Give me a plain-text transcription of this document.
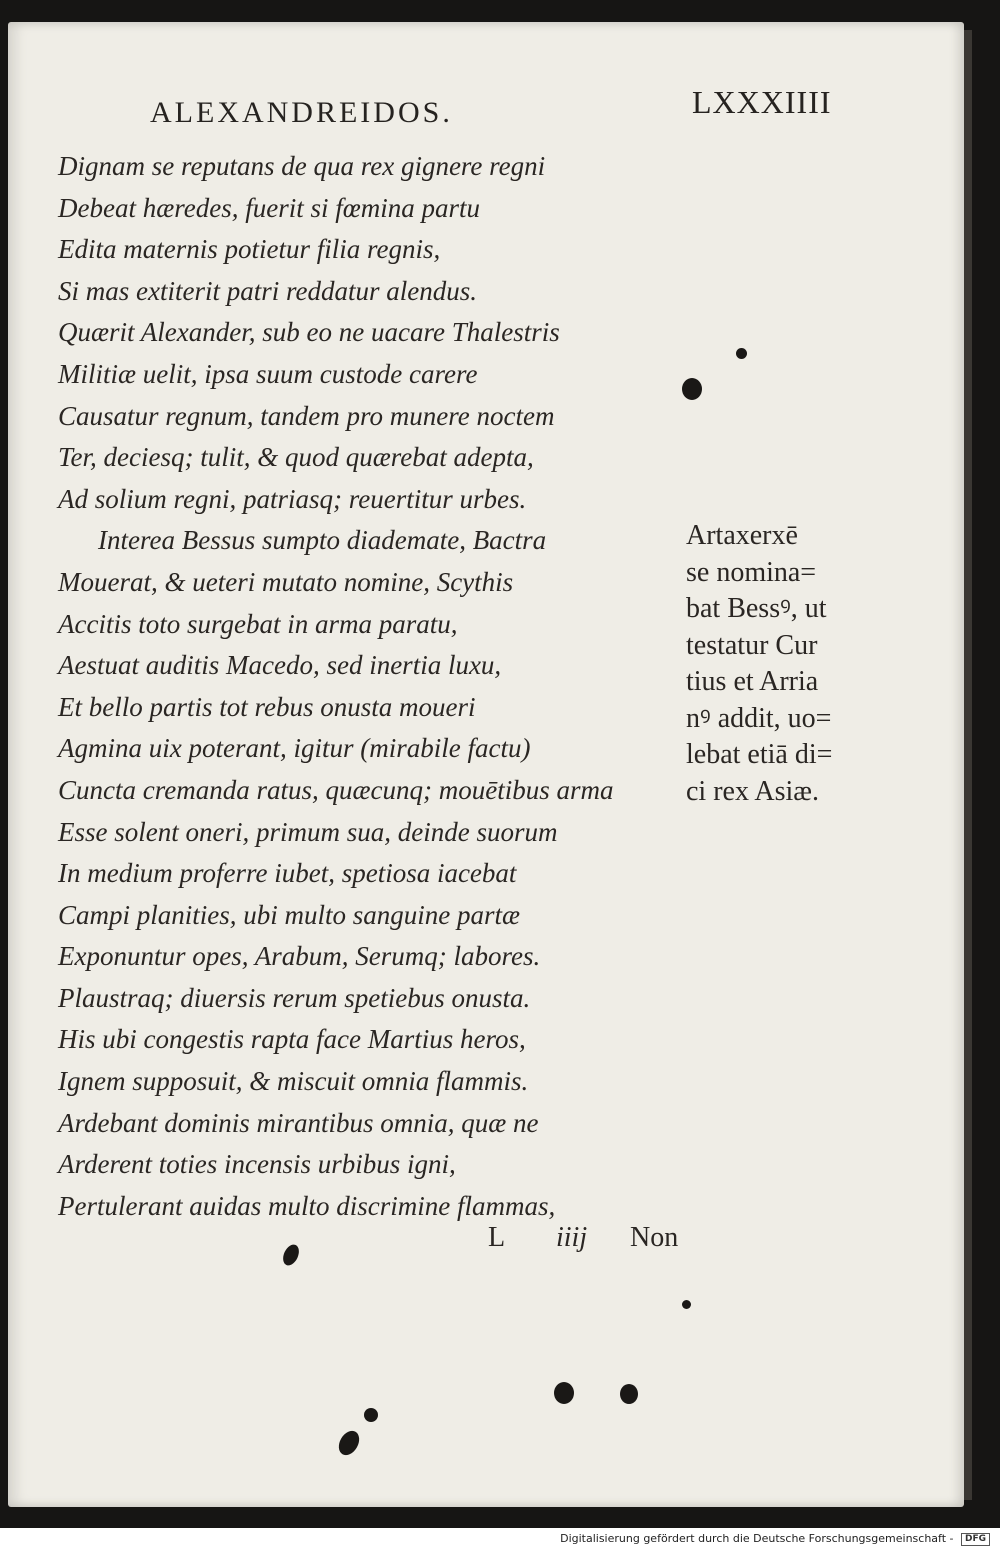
ALEXANDREIDOS.	LXXXIIII
Dignam se reputans de qua rex gignere regni
Debeat hæredes, fuerit si fœmina partu
Edita maternis potietur filia regnis,
Si mas extiterit patri reddatur alendus.
Quærit Alexander, sub eo ne uacare Thalestris
Militiæ uelit, ipsa suum custode carere
Causatur regnum, tandem pro munere noctem
Ter, deciesq; tulit, & quod quærebat adepta,
Ad solium regni, patriasq; reuertitur urbes.
Interea Bessus sumpto diademate, Bactra
Mouerat, & ueteri mutato nomine, Scythis
Accitis toto surgebat in arma paratu,
Aestuat auditis Macedo, sed inertia luxu,
Et bello partis tot rebus onusta moueri
Agmina uix poterant, igitur (mirabile factu)
Cuncta cremanda ratus, quæcunq; mouētibus arma
Esse solent oneri, primum sua, deinde suorum
In medium proferre iubet, spetiosa iacebat
Campi planities, ubi multo sanguine partæ
Exponuntur opes, Arabum, Serumq; labores.
Plaustraq; diuersis rerum spetiebus onusta.
His ubi congestis rapta face Martius heros,
Ignem supposuit, & miscuit omnia flammis.
Ardebant dominis mirantibus omnia, quæ ne
Arderent toties incensis urbibus igni,
Pertulerant auidas multo discrimine flammas,
Artaxerxē
se nomina=
bat Bessꝰ, ut
testatur Cur
tius et Arria
nꝰ addit, uo=
lebat etiā di=
ci rex Asiæ.
L iiij Non
Digitalisierung gefördert durch die Deutsche Forschungsgemeinschaft - DFG
